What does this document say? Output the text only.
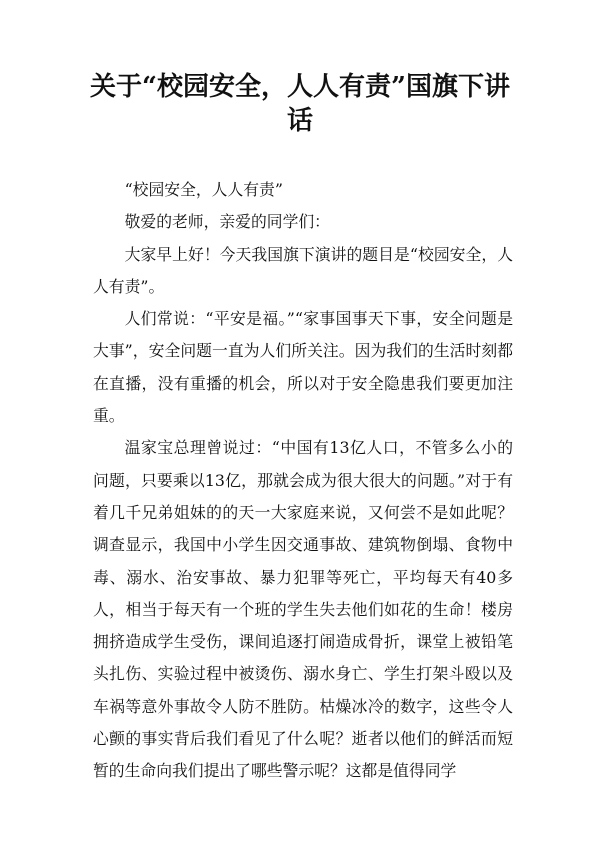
关于“校园安全，人人有责”国旗下讲话

“校园安全，人人有责”

敬爱的老师，亲爱的同学们：

大家早上好！今天我国旗下演讲的题目是“校园安全，人人有责”。

人们常说：“平安是福。”“家事国事天下事，安全问题是大事”，安全问题一直为人们所关注。因为我们的生活时刻都在直播，没有重播的机会，所以对于安全隐患我们要更加注重。

温家宝总理曾说过：“中国有13亿人口，不管多么小的问题，只要乘以13亿，那就会成为很大很大的问题。”对于有着几千兄弟姐妹的的天一大家庭来说，又何尝不是如此呢？调查显示，我国中小学生因交通事故、建筑物倒塌、食物中毒、溺水、治安事故、暴力犯罪等死亡，平均每天有40多人，相当于每天有一个班的学生失去他们如花的生命！楼房拥挤造成学生受伤，课间追逐打闹造成骨折，课堂上被铅笔头扎伤、实验过程中被烫伤、溺水身亡、学生打架斗殴以及车祸等意外事故令人防不胜防。枯燥冰冷的数字，这些令人心颤的事实背后我们看见了什么呢？逝者以他们的鲜活而短暂的生命向我们提出了哪些警示呢？这都是值得同学
